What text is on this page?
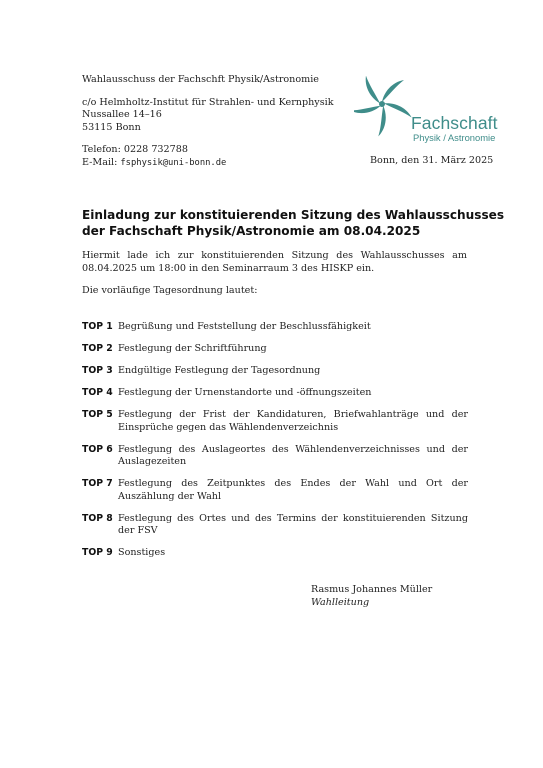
Wahlausschuss der Fachschft Physik/Astronomie
c/o Helmholtz-Institut für Strahlen- und Kernphysik
Nussallee 14–16
53115 Bonn
Telefon: 0228 732788
E-Mail: fsphysik@uni-bonn.de
Fachschaft
Physik / Astronomie
Bonn, den 31. März 2025
Einladung zur konstituierenden Sitzung des Wahlausschusses
der Fachschaft Physik/Astronomie am 08.04.2025
Hiermit lade ich zur konstituierenden Sitzung des Wahlausschusses am 08.04.2025 um 18:00 in den Seminarraum 3 des HISKP ein.
Die vorläufige Tagesordnung lautet:
TOP 1 Begrüßung und Feststellung der Beschlussfähigkeit
TOP 2 Festlegung der Schriftführung
TOP 3 Endgültige Festlegung der Tagesordnung
TOP 4 Festlegung der Urnenstandorte und -öffnungszeiten
TOP 5 Festlegung der Frist der Kandidaturen, Briefwahlanträge und der Einsprüche gegen das Wählendenverzeichnis
TOP 6 Festlegung des Auslageortes des Wählendenverzeichnisses und der Auslagezeiten
TOP 7 Festlegung des Zeitpunktes des Endes der Wahl und Ort der Auszählung der Wahl
TOP 8 Festlegung des Ortes und des Termins der konstituierenden Sitzung der FSV
TOP 9 Sonstiges
Rasmus Johannes Müller
Wahlleitung
